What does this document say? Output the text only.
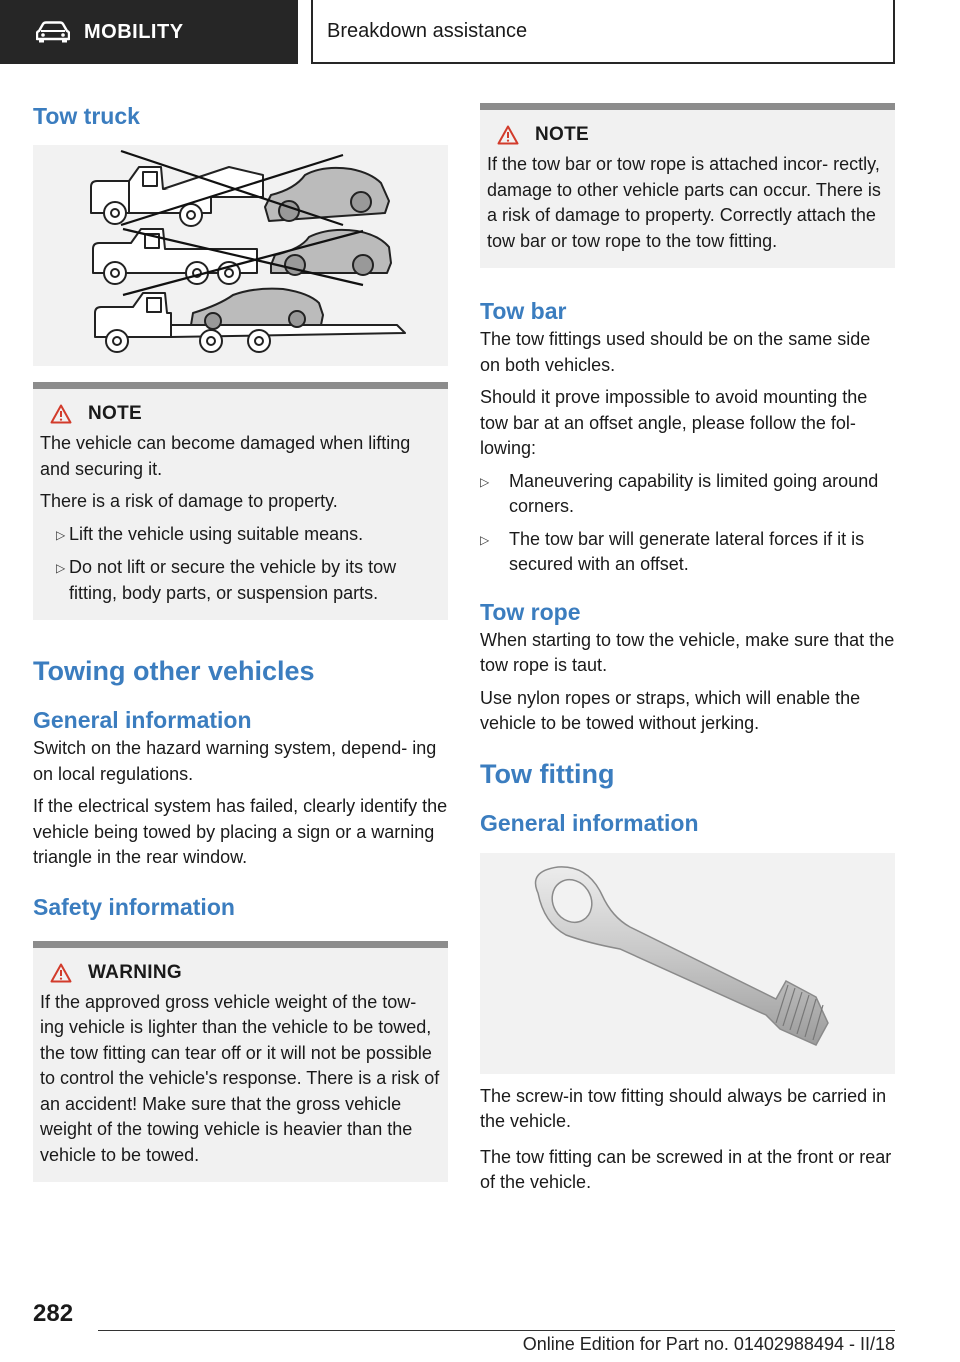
MOBILITY	Breakdown assistance
Tow truck
NOTE
The vehicle can become damaged when lifting and securing it.
There is a risk of damage to property.
▷ Lift the vehicle using suitable means.
▷ Do not lift or secure the vehicle by its tow fitting, body parts, or suspension parts.
Towing other vehicles
General information
Switch on the hazard warning system, depend‐ ing on local regulations.
If the electrical system has failed, clearly identify the vehicle being towed by placing a sign or a warning triangle in the rear window.
Safety information
WARNING
If the approved gross vehicle weight of the tow‐ ing vehicle is lighter than the vehicle to be towed, the tow fitting can tear off or it will not be possible to control the vehicle's response. There is a risk of an accident! Make sure that the gross vehicle weight of the towing vehicle is heavier than the vehicle to be towed.
NOTE
If the tow bar or tow rope is attached incor‐ rectly, damage to other vehicle parts can occur. There is a risk of damage to property. Correctly attach the tow bar or tow rope to the tow fitting.
Tow bar
The tow fittings used should be on the same side on both vehicles.
Should it prove impossible to avoid mounting the tow bar at an offset angle, please follow the fol‐ lowing:
▷	Maneuvering capability is limited going around corners.
▷	The tow bar will generate lateral forces if it is secured with an offset.
Tow rope
When starting to tow the vehicle, make sure that the tow rope is taut.
Use nylon ropes or straps, which will enable the vehicle to be towed without jerking.
Tow fitting
General information
The screw-in tow fitting should always be carried in the vehicle.
The tow fitting can be screwed in at the front or rear of the vehicle.
282
Online Edition for Part no. 01402988494 - II/18
